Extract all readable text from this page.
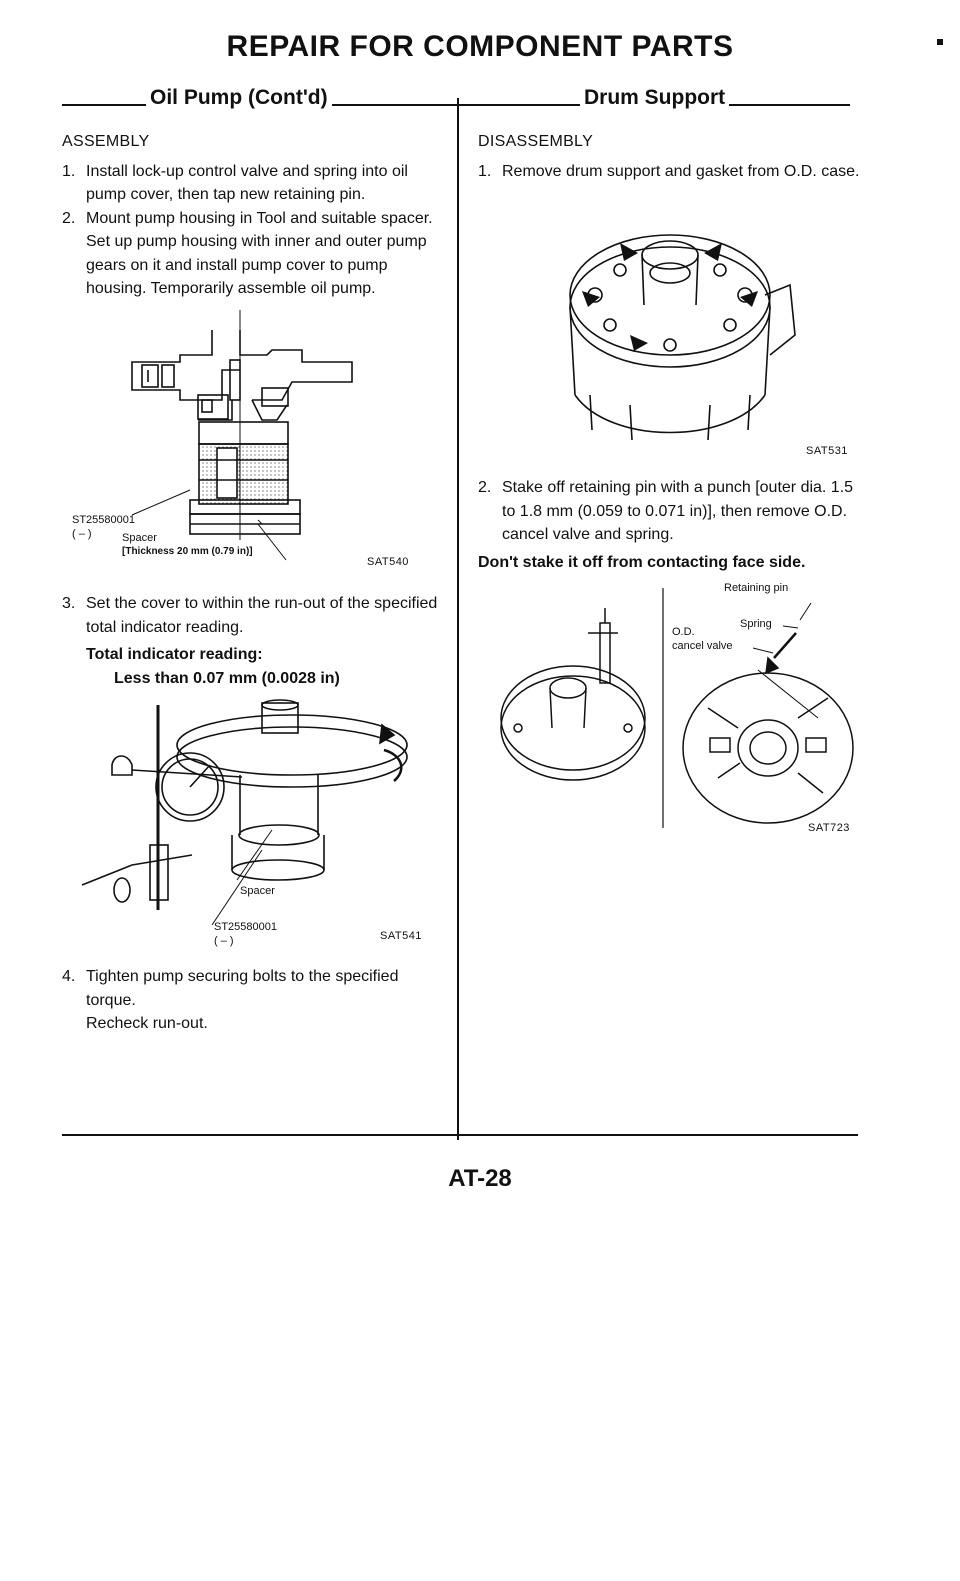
REPAIR FOR COMPONENT PARTS
Oil Pump (Cont'd)	Drum Support
ASSEMBLY
1. Install lock-up control valve and spring into oil pump cover, then tap new retaining pin.
2. Mount pump housing in Tool and suitable spacer. Set up pump housing with inner and outer pump gears on it and install pump cover to pump housing. Temporarily assemble oil pump.
ST25580001
( – )	Spacer
[Thickness 20 mm (0.79 in)]
SAT540
3. Set the cover to within the run-out of the specified total indicator reading.
Total indicator reading:
Less than 0.07 mm (0.0028 in)
Spacer
ST25580001
( – )	SAT541
4. Tighten pump securing bolts to the specified torque.
Recheck run-out.
DISASSEMBLY
1. Remove drum support and gasket from O.D. case.
SAT531
2. Stake off retaining pin with a punch [outer dia. 1.5 to 1.8 mm (0.059 to 0.071 in)], then remove O.D. cancel valve and spring.
Don't stake it off from contacting face side.
Retaining pin
Spring
O.D.
cancel valve
SAT723
AT-28
